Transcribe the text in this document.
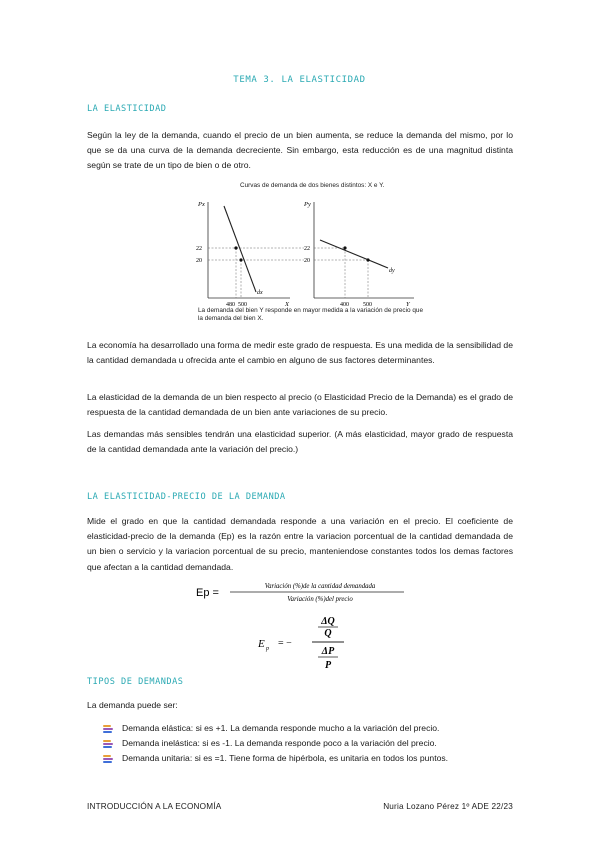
TEMA 3. LA ELASTICIDAD
LA ELASTICIDAD

Según la ley de la demanda, cuando el precio de un bien aumenta, se reduce la demanda del mismo, por lo que se da una curva de la demanda decreciente. Sin embargo, esta reducción es de una magnitud distinta según se trate de un tipo de bien o de otro.

Curvas de demanda de dos bienes distintos: X e Y.
Px
X
dx
22
20
480 500
Py
Y
dy
22
20
400 500
La demanda del bien Y responde en mayor medida a la variación de precio que la demanda del bien X.

La economía ha desarrollado una forma de medir este grado de respuesta. Es una medida de la sensibilidad de la cantidad demandada u ofrecida ante el cambio en alguno de sus factores determinantes.

La elasticidad de la demanda de un bien respecto al precio (o Elasticidad Precio de la Demanda) es el grado de respuesta de la cantidad demandada de un bien ante variaciones de su precio.

Las demandas más sensibles tendrán una elasticidad superior. (A más elasticidad, mayor grado de respuesta de la cantidad demandada ante la variación del precio.)

LA ELASTICIDAD-PRECIO DE LA DEMANDA

Mide el grado en que la cantidad demandada responde a una variación en el precio. El coeficiente de elasticidad-precio de la demanda (Ep) es la razón entre la variacion porcentual de la cantidad demandada de un bien o servicio y la variacion porcentual de su precio, manteniendose constantes todos los demas factores que afectan a la cantidad demandada.

Ep =
Variación (%)de la cantidad demandada
Variación (%)del precio
E p = −
ΔQ
Q
ΔP
P
TIPOS DE DEMANDAS

La demanda puede ser:

Demanda elástica: si es +1. La demanda responde mucho a la variación del precio.
Demanda inelástica: si es -1. La demanda responde poco a la variación del precio.
Demanda unitaria: si es =1. Tiene forma de hipérbola, es unitaria en todos los puntos.
INTRODUCCIÓN A LA ECONOMÍA	Nuria Lozano Pérez 1º ADE 22/23
